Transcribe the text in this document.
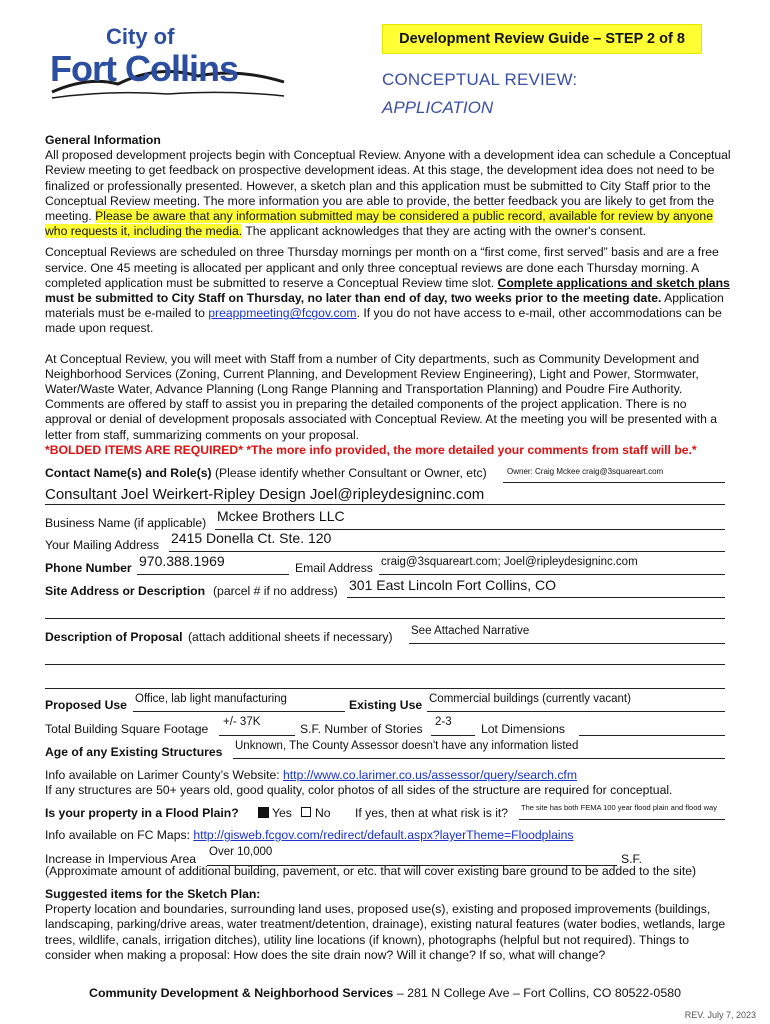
City of
Fort Collins
Development Review Guide – STEP 2 of 8
CONCEPTUAL REVIEW:
APPLICATION

General Information

All proposed development projects begin with Conceptual Review. Anyone with a development idea can schedule a Conceptual Review meeting to get feedback on prospective development ideas. At this stage, the development idea does not need to be finalized or professionally presented. However, a sketch plan and this application must be submitted to City Staff prior to the Conceptual Review meeting. The more information you are able to provide, the better feedback you are likely to get from the meeting. Please be aware that any information submitted may be considered a public record, available for review by anyone who requests it, including the media. The applicant acknowledges that they are acting with the owner's consent.

Conceptual Reviews are scheduled on three Thursday mornings per month on a “first come, first served” basis and are a free service. One 45 meeting is allocated per applicant and only three conceptual reviews are done each Thursday morning. A completed application must be submitted to reserve a Conceptual Review time slot. Complete applications and sketch plans must be submitted to City Staff on Thursday, no later than end of day, two weeks prior to the meeting date. Application materials must be e-mailed to preappmeeting@fcgov.com. If you do not have access to e-mail, other accommodations can be made upon request.

At Conceptual Review, you will meet with Staff from a number of City departments, such as Community Development and Neighborhood Services (Zoning, Current Planning, and Development Review Engineering), Light and Power, Stormwater, Water/Waste Water, Advance Planning (Long Range Planning and Transportation Planning) and Poudre Fire Authority. Comments are offered by staff to assist you in preparing the detailed components of the project application. There is no approval or denial of development proposals associated with Conceptual Review. At the meeting you will be presented with a letter from staff, summarizing comments on your proposal.

*BOLDED ITEMS ARE REQUIRED* *The more info provided, the more detailed your comments from staff will be.*

Contact Name(s) and Role(s) (Please identify whether Consultant or Owner, etc)	Owner: Craig Mckee craig@3squareart.com
Consultant Joel Weirkert-Ripley Design Joel@ripleydesigninc.com
Business Name (if applicable) Mckee Brothers LLC
Your Mailing Address 2415 Donella Ct. Ste. 120
Phone Number 970.388.1969	Email Address craig@3squareart.com; Joel@ripleydesigninc.com
Site Address or Description (parcel # if no address) 301 East Lincoln Fort Collins, CO
Description of Proposal (attach additional sheets if necessary) See Attached Narrative
Proposed Use Office, lab light manufacturing	Existing Use Commercial buildings (currently vacant)
Total Building Square Footage +/- 37K	S.F. Number of Stories 2-3 Lot Dimensions
Age of any Existing Structures Unknown, The County Assessor doesn't have any information listed

Info available on Larimer County’s Website: http://www.co.larimer.co.us/assessor/query/search.cfm

If any structures are 50+ years old, good quality, color photos of all sides of the structure are required for conceptual.

Is your property in a Flood Plain?	Yes No If yes, then at what risk is it? The site has both FEMA 100 year flood plain and flood way

Info available on FC Maps: http://gisweb.fcgov.com/redirect/default.aspx?layerTheme=Floodplains

Increase in Impervious Area Over 10,000	S.F.
(Approximate amount of additional building, pavement, or etc. that will cover existing bare ground to be added to the site)

Suggested items for the Sketch Plan:

Property location and boundaries, surrounding land uses, proposed use(s), existing and proposed improvements (buildings, landscaping, parking/drive areas, water treatment/detention, drainage), existing natural features (water bodies, wetlands, large trees, wildlife, canals, irrigation ditches), utility line locations (if known), photographs (helpful but not required). Things to consider when making a proposal: How does the site drain now? Will it change? If so, what will change?

Community Development & Neighborhood Services – 281 N College Ave – Fort Collins, CO 80522-0580
REV. July 7, 2023
